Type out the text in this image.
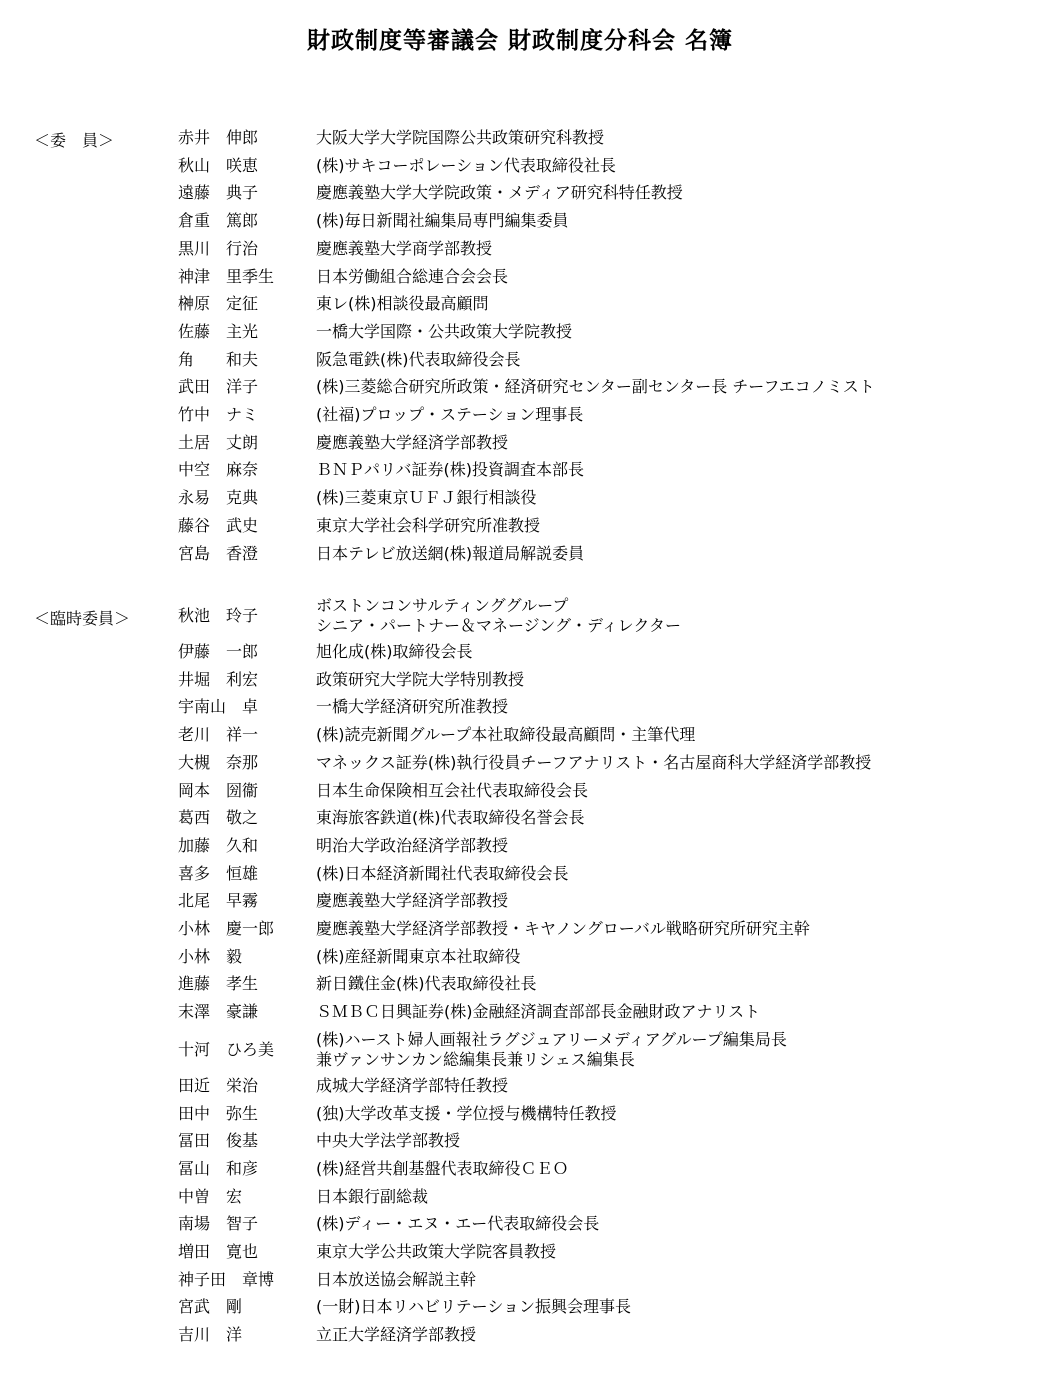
財政制度等審議会 財政制度分科会 名簿
＜委　員＞	赤井　伸郎	大阪大学大学院国際公共政策研究科教授
秋山　咲恵	(株)サキコーポレーション代表取締役社長
遠藤　典子	慶應義塾大学大学院政策・メディア研究科特任教授
倉重　篤郎	(株)毎日新聞社編集局専門編集委員
黒川　行治	慶應義塾大学商学部教授
神津　里季生	日本労働組合総連合会会長
榊原　定征	東レ(株)相談役最高顧問
佐藤　主光	一橋大学国際・公共政策大学院教授
角　　和夫	阪急電鉄(株)代表取締役会長
武田　洋子	(株)三菱総合研究所政策・経済研究センター副センター長 チーフエコノミスト
竹中　ナミ	(社福)プロップ・ステーション理事長
土居　丈朗	慶應義塾大学経済学部教授
中空　麻奈	ＢＮＰパリバ証券(株)投資調査本部長
永易　克典	(株)三菱東京ＵＦＪ銀行相談役
藤谷　武史	東京大学社会科学研究所准教授
宮島　香澄	日本テレビ放送網(株)報道局解説委員
＜臨時委員＞	秋池　玲子
ボストンコンサルティンググループ
シニア・パートナー＆マネージング・ディレクター
伊藤　一郎	旭化成(株)取締役会長
井堀　利宏	政策研究大学院大学特別教授
宇南山　卓	一橋大学経済研究所准教授
老川　祥一	(株)読売新聞グループ本社取締役最高顧問・主筆代理
大槻　奈那	マネックス証券(株)執行役員チーフアナリスト・名古屋商科大学経済学部教授
岡本　圀衞	日本生命保険相互会社代表取締役会長
葛西　敬之	東海旅客鉄道(株)代表取締役名誉会長
加藤　久和	明治大学政治経済学部教授
喜多　恒雄	(株)日本経済新聞社代表取締役会長
北尾　早霧	慶應義塾大学経済学部教授
小林　慶一郎	慶應義塾大学経済学部教授・キヤノングローバル戦略研究所研究主幹
小林　毅	(株)産経新聞東京本社取締役
進藤　孝生	新日鐵住金(株)代表取締役社長
末澤　豪謙	ＳＭＢＣ日興証券(株)金融経済調査部部長金融財政アナリスト
十河　ひろ美
(株)ハースト婦人画報社ラグジュアリーメディアグループ編集局長
兼ヴァンサンカン総編集長兼リシェス編集長
田近　栄治	成城大学経済学部特任教授
田中　弥生	(独)大学改革支援・学位授与機構特任教授
冨田　俊基	中央大学法学部教授
冨山　和彦	(株)経営共創基盤代表取締役ＣＥＯ
中曽　宏	日本銀行副総裁
南場　智子	(株)ディー・エヌ・エー代表取締役会長
増田　寛也	東京大学公共政策大学院客員教授
神子田　章博	日本放送協会解説主幹
宮武　剛	(一財)日本リハビリテーション振興会理事長
吉川　洋	立正大学経済学部教授
